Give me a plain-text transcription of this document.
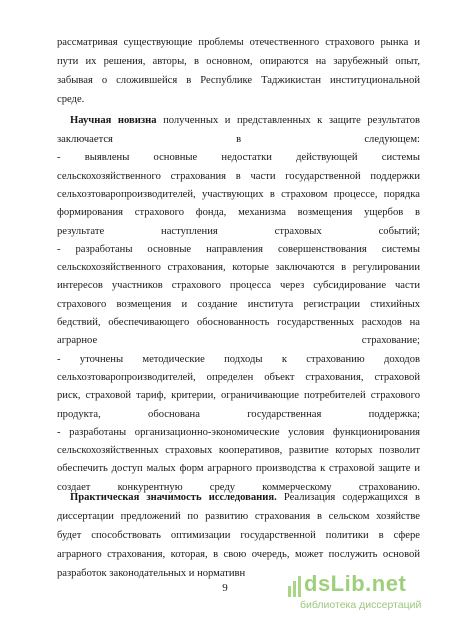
рассматривая существующие проблемы отечественного страхового рынка и
пути их решения, авторы, в основном, опираются на зарубежный опыт,
забывая о сложившейся в Республике Таджикистан институциональной
среде.
Научная новизна полученных и представленных к защите результатов
заключается в следующем:
- выявлены основные недостатки действующей системы
сельскохозяйственного страхования в части государственной поддержки
сельхозтоваропроизводителей, участвующих в страховом процессе, порядка
формирования страхового фонда, механизма возмещения ущербов в
результате наступления страховых событий;
- разработаны основные направления совершенствования системы
сельскохозяйственного страхования, которые заключаются в регулировании
интересов участников страхового процесса через субсидирование части
страхового возмещения и создание института регистрации стихийных
бедствий, обеспечивающего обоснованность государственных расходов на
аграрное страхование;
- уточнены методические подходы к страхованию доходов
сельхозтоваропроизводителей, определен объект страхования, страховой
риск, страховой тариф, критерии, ограничивающие потребителей страхового
продукта, обоснована государственная поддержка;
- разработаны организационно-экономические условия функционирования
сельскохозяйственных страховых кооперативов, развитие которых позволит
обеспечить доступ малых форм аграрного производства к страховой защите и
создает конкурентную среду коммерческому страхованию.
Практическая значимость исследования. Реализация содержащихся в
диссертации предложений по развитию страхования в сельском хозяйстве
будет способствовать оптимизации государственной политики в сфере
аграрного страхования, которая, в свою очередь, может послужить основой
разработок законодательных и нормативн
9	dsLib.net
библиотека диссертаций
